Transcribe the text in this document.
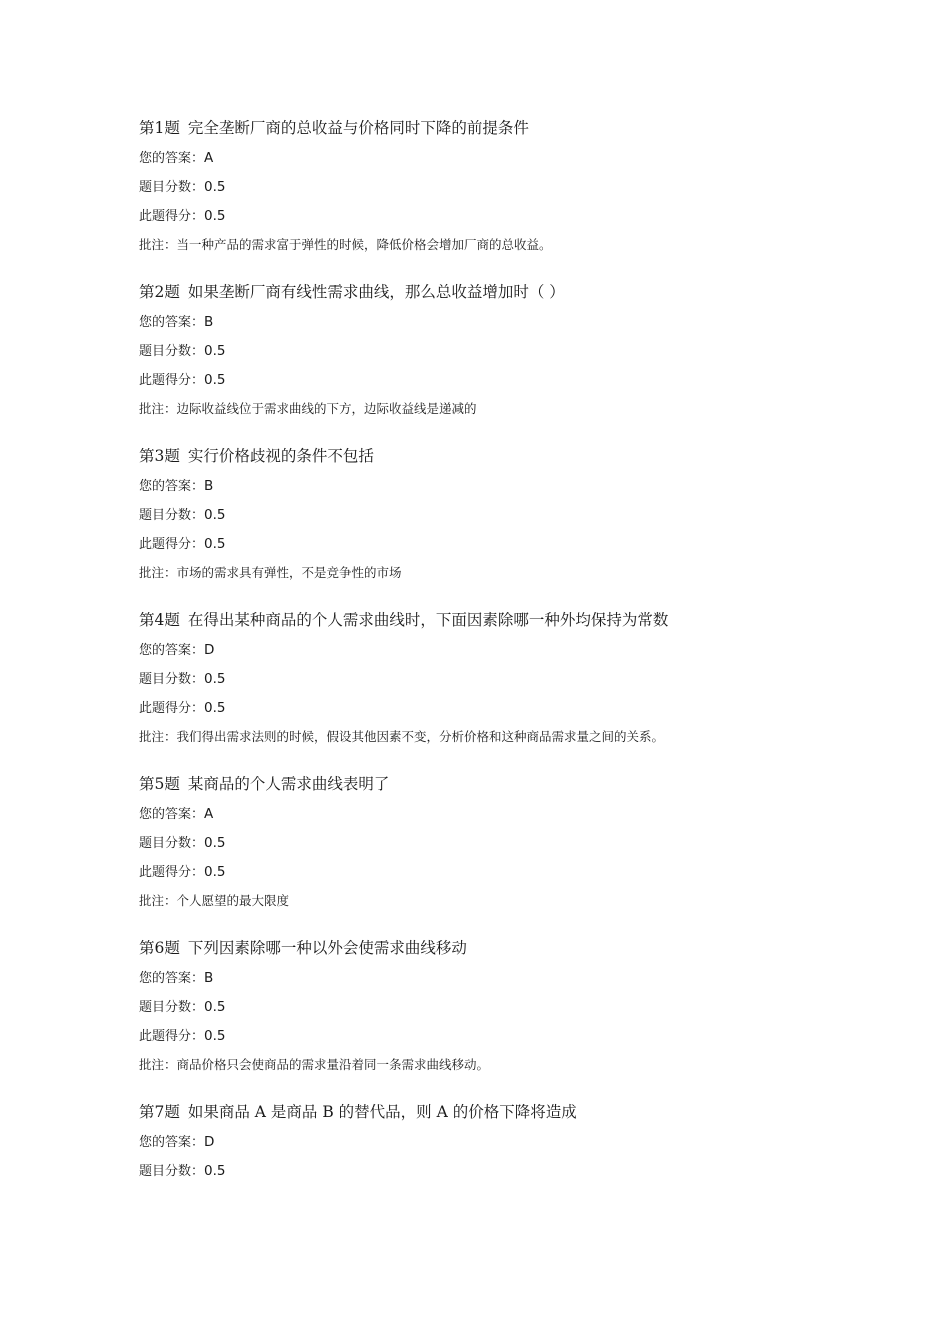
第1题 完全垄断厂商的总收益与价格同时下降的前提条件
您的答案：A
题目分数：0.5
此题得分：0.5
批注：当一种产品的需求富于弹性的时候，降低价格会增加厂商的总收益。
第2题 如果垄断厂商有线性需求曲线，那么总收益增加时（ ）
您的答案：B
题目分数：0.5
此题得分：0.5
批注：边际收益线位于需求曲线的下方，边际收益线是递减的
第3题 实行价格歧视的条件不包括
您的答案：B
题目分数：0.5
此题得分：0.5
批注：市场的需求具有弹性，不是竞争性的市场
第4题 在得出某种商品的个人需求曲线时，下面因素除哪一种外均保持为常数
您的答案：D
题目分数：0.5
此题得分：0.5
批注：我们得出需求法则的时候，假设其他因素不变，分析价格和这种商品需求量之间的关系。
第5题 某商品的个人需求曲线表明了
您的答案：A
题目分数：0.5
此题得分：0.5
批注：个人愿望的最大限度
第6题 下列因素除哪一种以外会使需求曲线移动
您的答案：B
题目分数：0.5
此题得分：0.5
批注：商品价格只会使商品的需求量沿着同一条需求曲线移动。
第7题 如果商品 A 是商品 B 的替代品，则 A 的价格下降将造成
您的答案：D
题目分数：0.5
